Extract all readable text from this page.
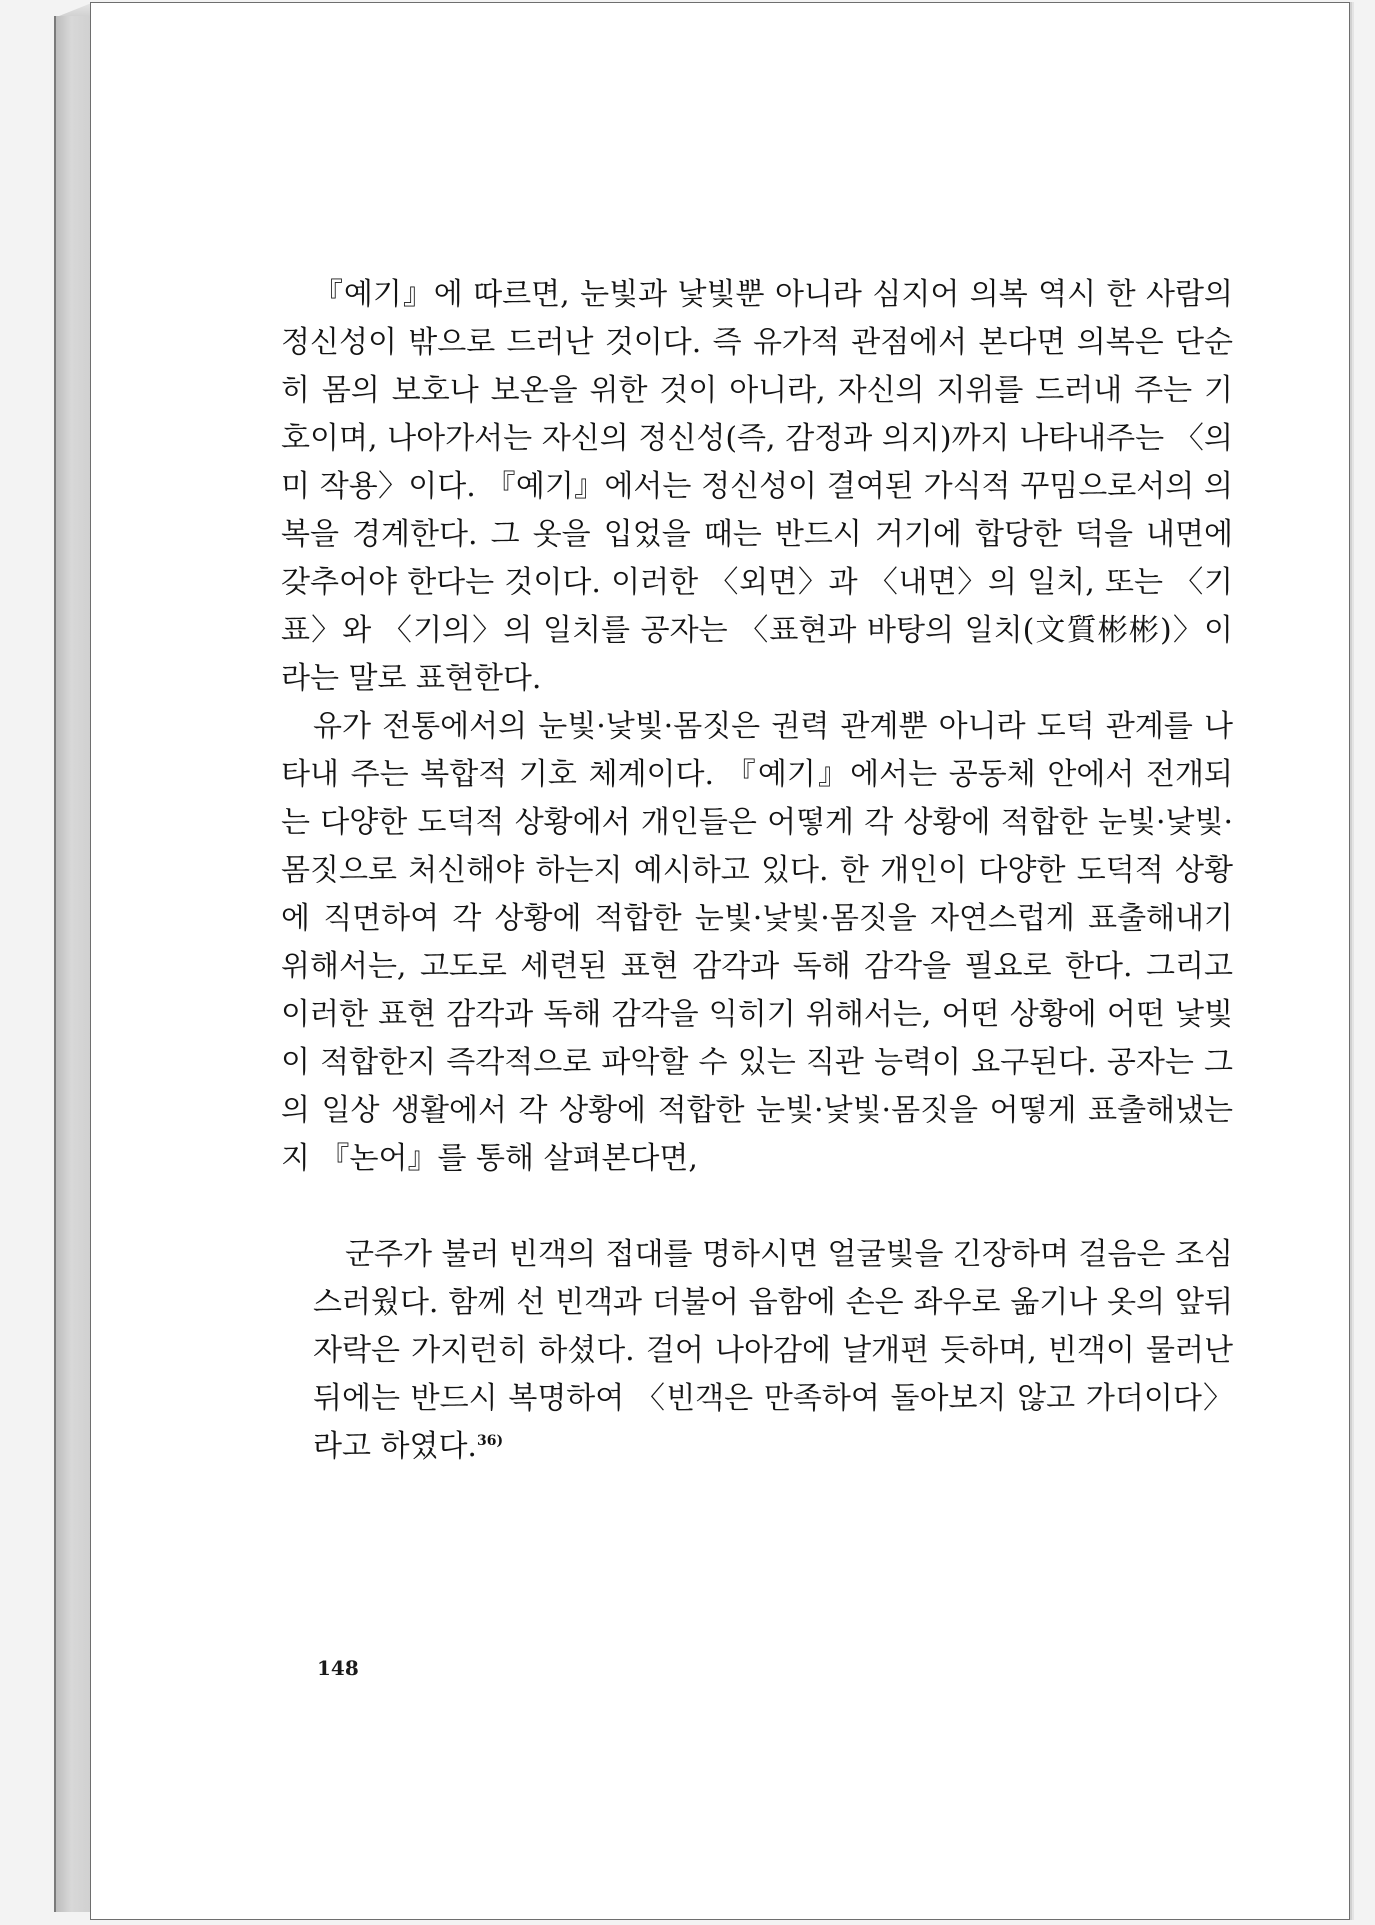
『예기』에 따르면, 눈빛과 낯빛뿐 아니라 심지어 의복 역시 한 사람의 정신성이 밖으로 드러난 것이다. 즉 유가적 관점에서 본다면 의복은 단순히 몸의 보호나 보온을 위한 것이 아니라, 자신의 지위를 드러내 주는 기호이며, 나아가서는 자신의 정신성(즉, 감정과 의지)까지 나타내주는 〈의미 작용〉이다. 『예기』에서는 정신성이 결여된 가식적 꾸밈으로서의 의복을 경계한다. 그 옷을 입었을 때는 반드시 거기에 합당한 덕을 내면에 갖추어야 한다는 것이다. 이러한 〈외면〉과 〈내면〉의 일치, 또는 〈기표〉와 〈기의〉의 일치를 공자는 〈표현과 바탕의 일치(文質彬彬)〉이라는 말로 표현한다.

유가 전통에서의 눈빛·낯빛·몸짓은 권력 관계뿐 아니라 도덕 관계를 나타내 주는 복합적 기호 체계이다. 『예기』에서는 공동체 안에서 전개되는 다양한 도덕적 상황에서 개인들은 어떻게 각 상황에 적합한 눈빛·낯빛·몸짓으로 처신해야 하는지 예시하고 있다. 한 개인이 다양한 도덕적 상황에 직면하여 각 상황에 적합한 눈빛·낯빛·몸짓을 자연스럽게 표출해내기 위해서는, 고도로 세련된 표현 감각과 독해 감각을 필요로 한다. 그리고 이러한 표현 감각과 독해 감각을 익히기 위해서는, 어떤 상황에 어떤 낯빛이 적합한지 즉각적으로 파악할 수 있는 직관 능력이 요구된다. 공자는 그의 일상 생활에서 각 상황에 적합한 눈빛·낯빛·몸짓을 어떻게 표출해냈는지 『논어』를 통해 살펴본다면,

군주가 불러 빈객의 접대를 명하시면 얼굴빛을 긴장하며 걸음은 조심스러웠다. 함께 선 빈객과 더불어 읍함에 손은 좌우로 옮기나 옷의 앞뒤 자락은 가지런히 하셨다. 걸어 나아감에 날개편 듯하며, 빈객이 물러난 뒤에는 반드시 복명하여 〈빈객은 만족하여 돌아보지 않고 가더이다〉라고 하였다.$^{36)}$

148
